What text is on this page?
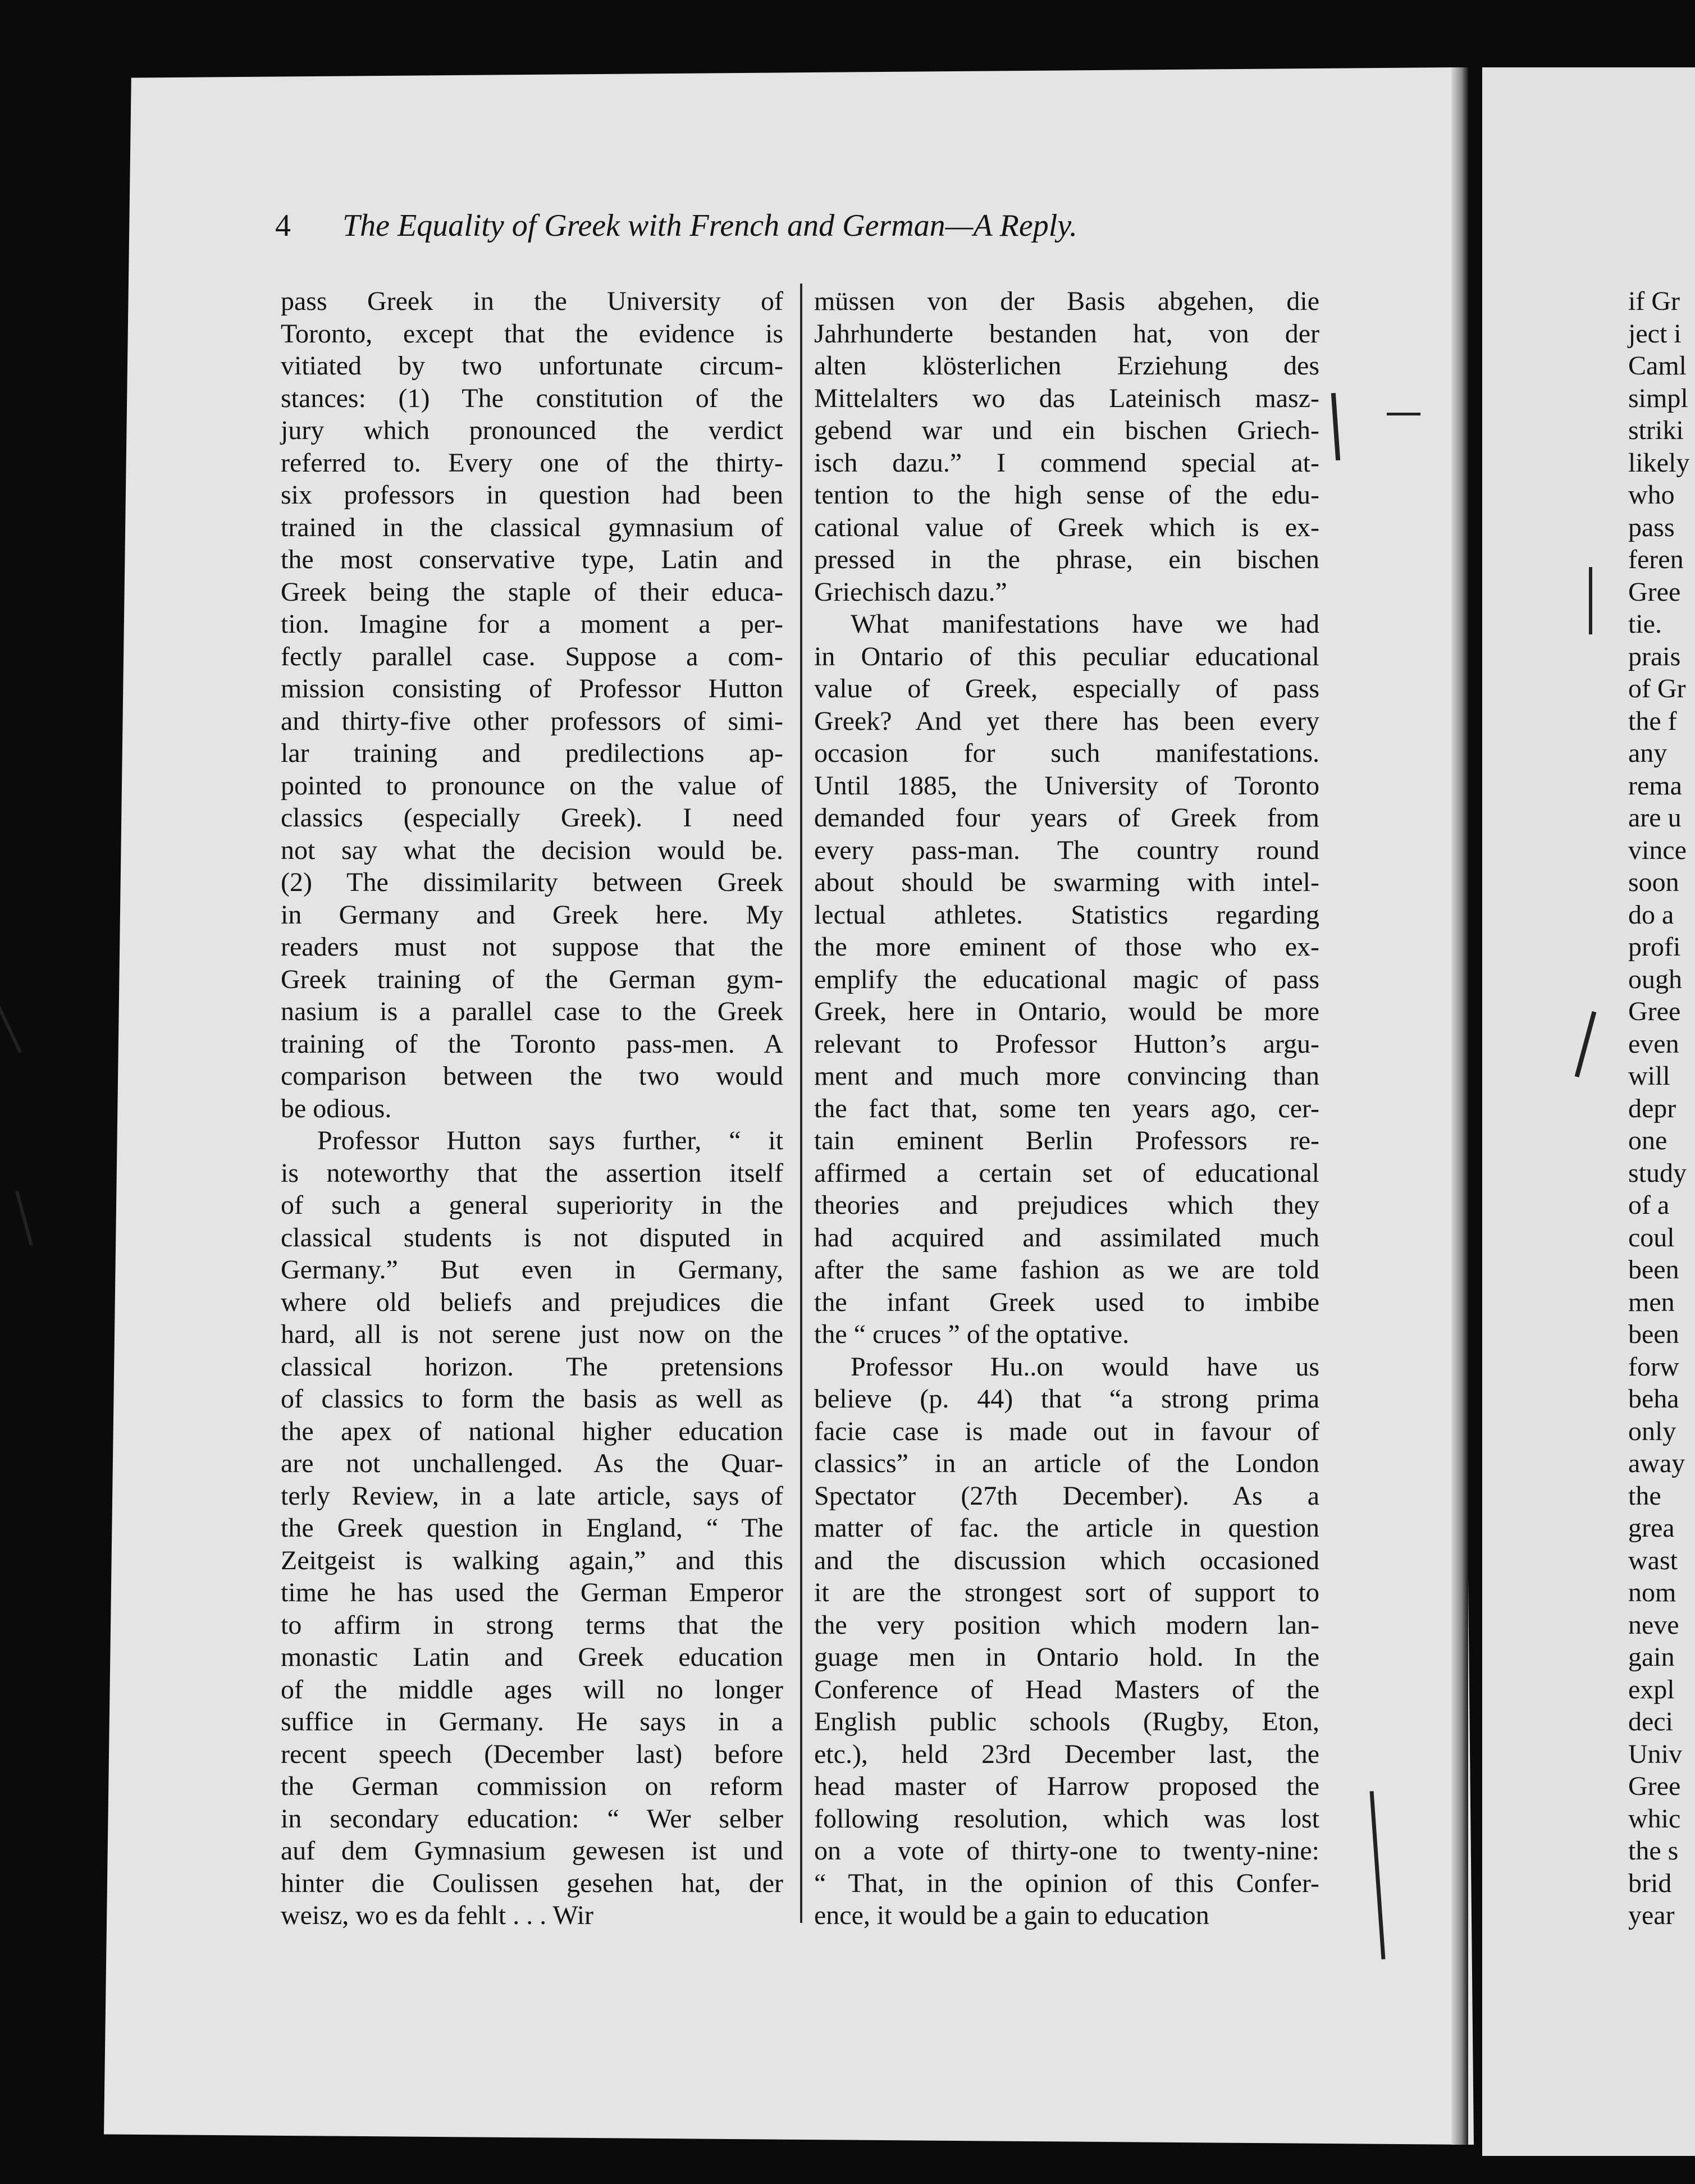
4 The Equality of Greek with French and German—A Reply.
pass Greek in the University of
Toronto, except that the evidence is
vitiated by two unfortunate circum-
stances: (1) The constitution of the
jury which pronounced the verdict
referred to. Every one of the thirty-
six professors in question had been
trained in the classical gymnasium of
the most conservative type, Latin and
Greek being the staple of their educa-
tion. Imagine for a moment a per-
fectly parallel case. Suppose a com-
mission consisting of Professor Hutton
and thirty-five other professors of simi-
lar training and predilections ap-
pointed to pronounce on the value of
classics (especially Greek). I need
not say what the decision would be.
(2) The dissimilarity between Greek
in Germany and Greek here. My
readers must not suppose that the
Greek training of the German gym-
nasium is a parallel case to the Greek
training of the Toronto pass-men. A
comparison between the two would
be odious.
Professor Hutton says further, “ it
is noteworthy that the assertion itself
of such a general superiority in the
classical students is not disputed in
Germany.” But even in Germany,
where old beliefs and prejudices die
hard, all is not serene just now on the
classical horizon. The pretensions
of classics to form the basis as well as
the apex of national higher education
are not unchallenged. As the Quar-
terly Review, in a late article, says of
the Greek question in England, “ The
Zeitgeist is walking again,” and this
time he has used the German Emperor
to affirm in strong terms that the
monastic Latin and Greek education
of the middle ages will no longer
suffice in Germany. He says in a
recent speech (December last) before
the German commission on reform
in secondary education: “ Wer selber
auf dem Gymnasium gewesen ist und
hinter die Coulissen gesehen hat, der
weisz, wo es da fehlt . . . Wir
müssen von der Basis abgehen, die
Jahrhunderte bestanden hat, von der
alten klösterlichen Erziehung des
Mittelalters wo das Lateinisch masz-
gebend war und ein bischen Griech-
isch dazu.” I commend special at-
tention to the high sense of the edu-
cational value of Greek which is ex-
pressed in the phrase, ein bischen
Griechisch dazu.”
What manifestations have we had
in Ontario of this peculiar educational
value of Greek, especially of pass
Greek? And yet there has been every
occasion for such manifestations.
Until 1885, the University of Toronto
demanded four years of Greek from
every pass-man. The country round
about should be swarming with intel-
lectual athletes. Statistics regarding
the more eminent of those who ex-
emplify the educational magic of pass
Greek, here in Ontario, would be more
relevant to Professor Hutton’s argu-
ment and much more convincing than
the fact that, some ten years ago, cer-
tain eminent Berlin Professors re-
affirmed a certain set of educational
theories and prejudices which they
had acquired and assimilated much
after the same fashion as we are told
the infant Greek used to imbibe
the “ cruces ” of the optative.
Professor Hu..on would have us
believe (p. 44) that “a strong prima
facie case is made out in favour of
classics” in an article of the London
Spectator (27th December). As a
matter of fac. the article in question
and the discussion which occasioned
it are the strongest sort of support to
the very position which modern lan-
guage men in Ontario hold. In the
Conference of Head Masters of the
English public schools (Rugby, Eton,
etc.), held 23rd December last, the
head master of Harrow proposed the
following resolution, which was lost
on a vote of thirty-one to twenty-nine:
“ That, in the opinion of this Confer-
ence, it would be a gain to education
if Gr
ject i
Caml
simpl
striki
likely
who
pass
feren
Gree
tie.
prais
of Gr
the f
any
rema
are u
vince
soon
do a
profi
ough
Gree
even
will
depr
one
study
of a
coul
been
men
been
forw
beha
only
away
the
grea
wast
nom
neve
gain
expl
deci
Univ
Gree
whic
the s
brid
year
